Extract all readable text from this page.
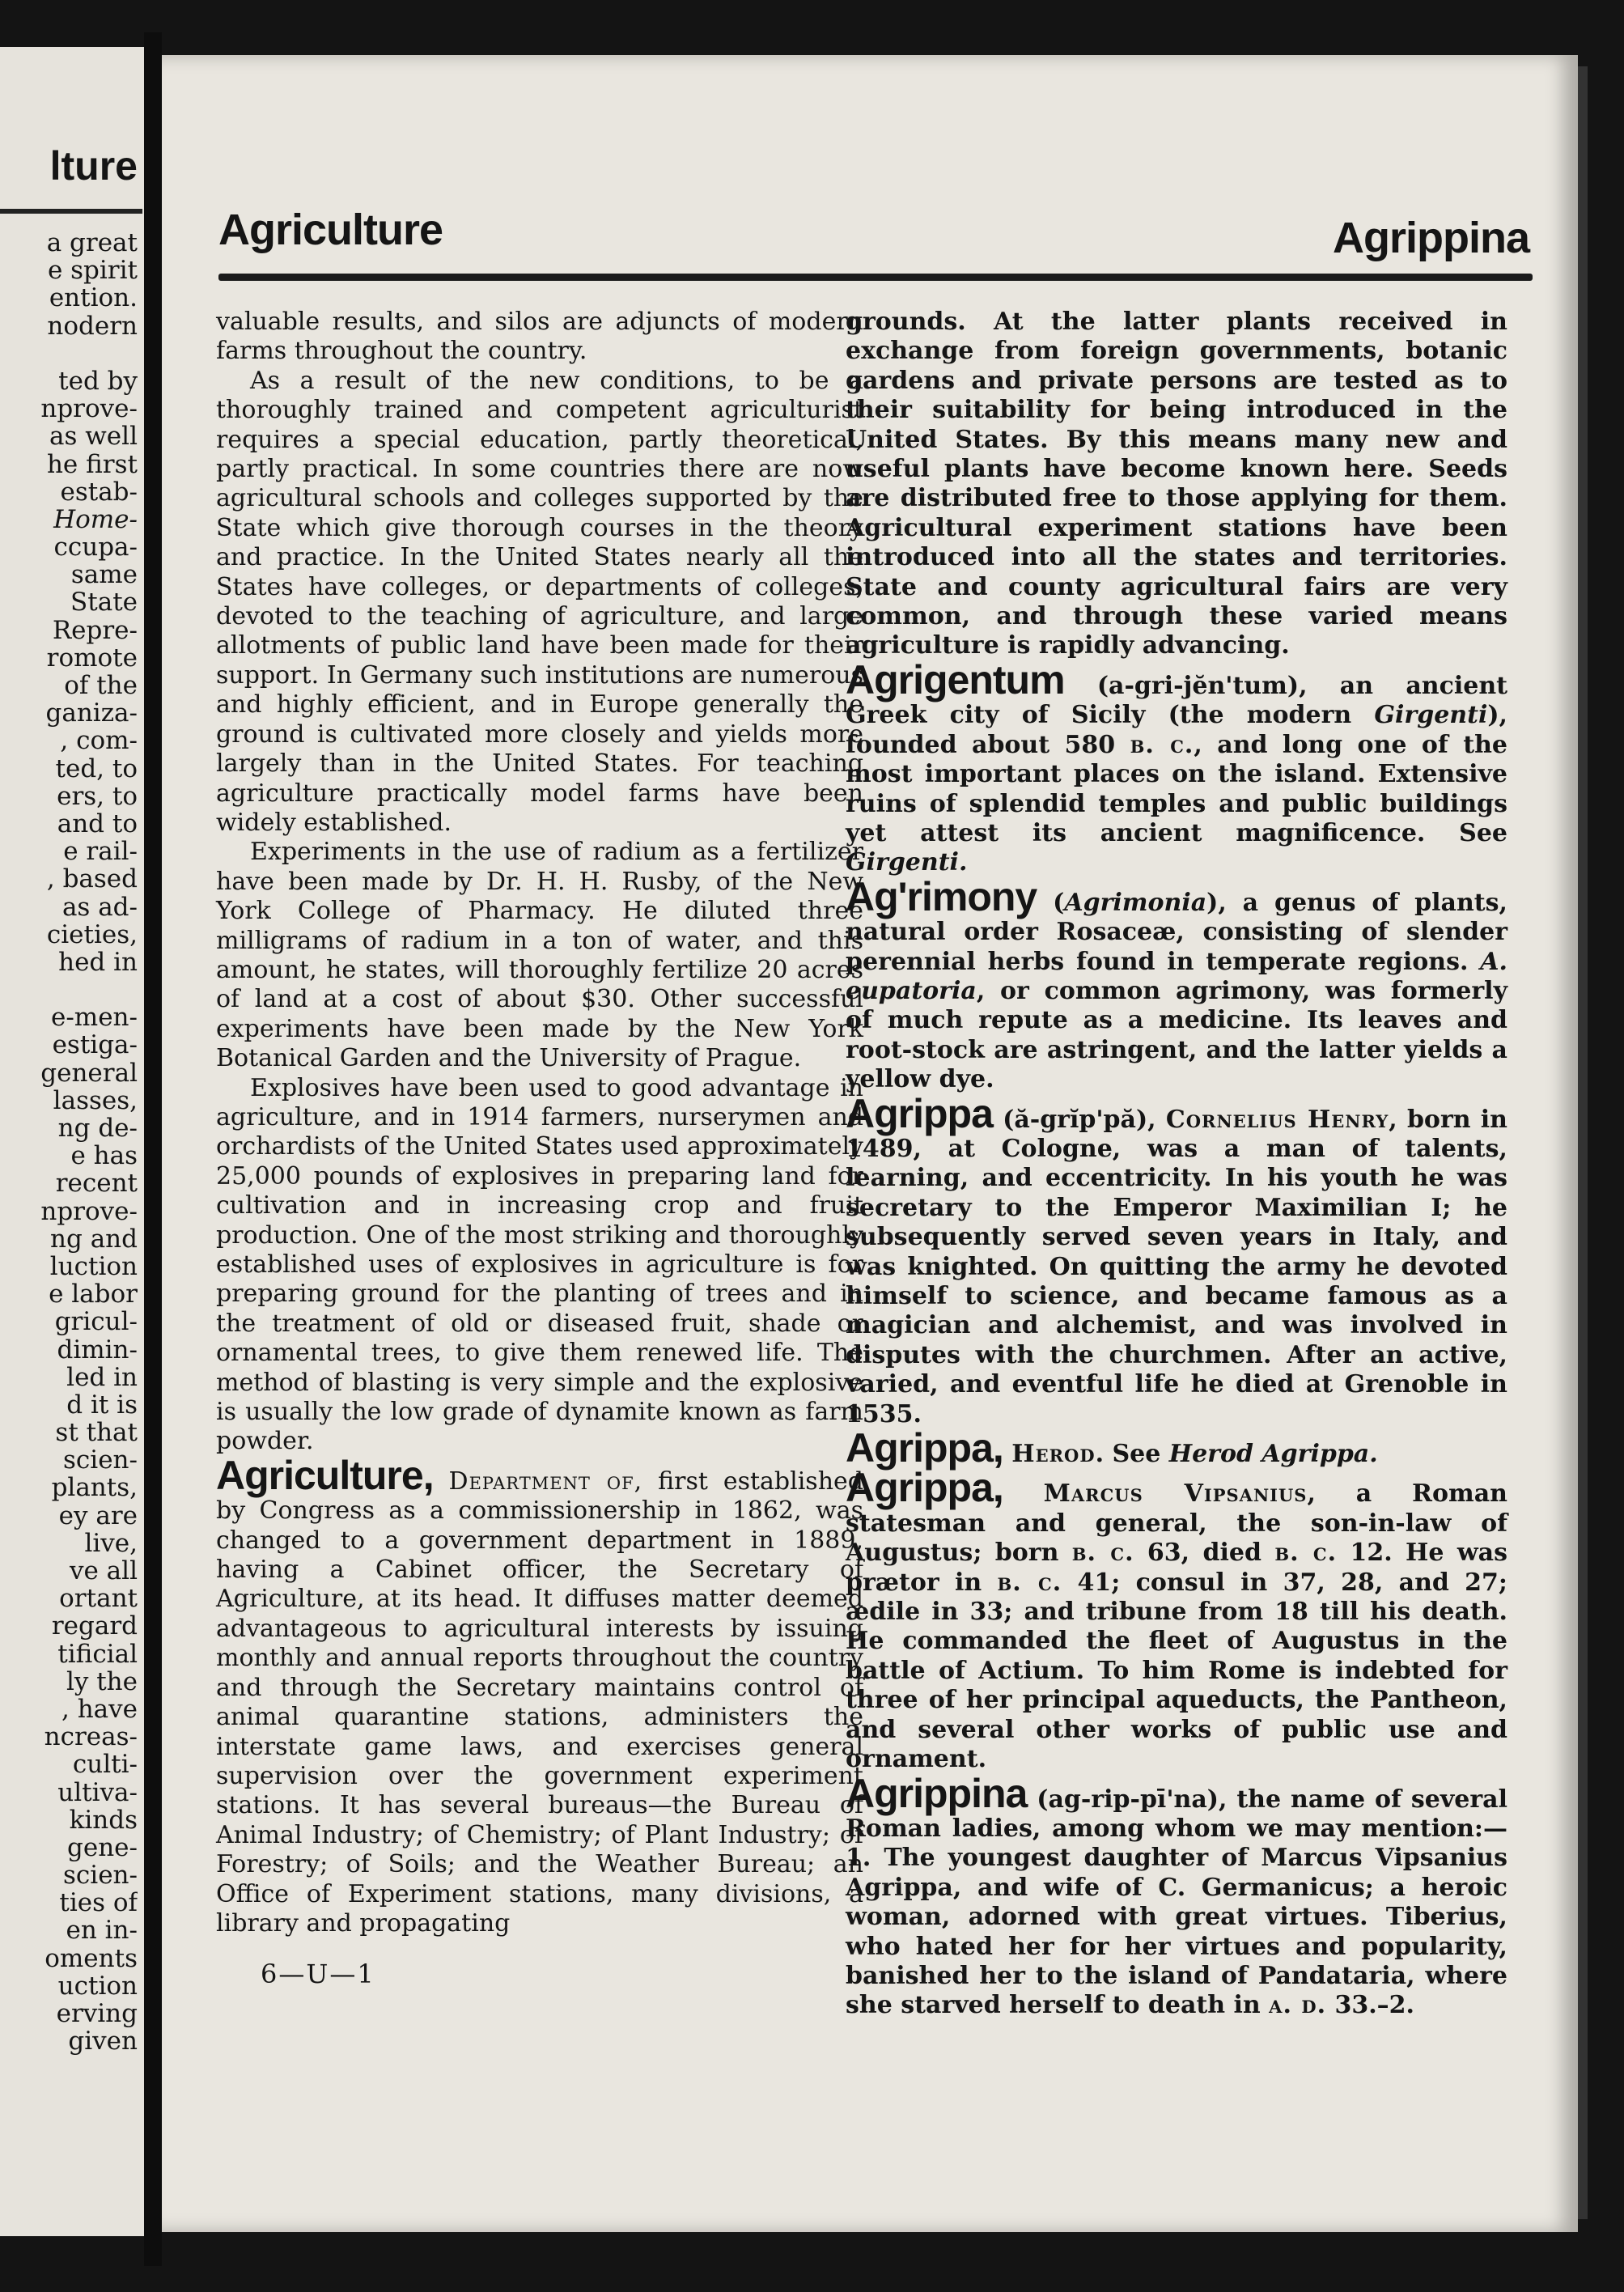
lture
a great
e spirit
ention.
nodern
ted by
nprove-
as well
he first
estab-
Home-
ccupa-
same
State
Repre-
romote
of the
ganiza-
, com-
ted, to
ers, to
and to
e rail-
, based
as ad-
cieties,
hed in
e-men-
estiga-
general
lasses,
ng de-
e has
recent
nprove-
ng and
luction
e labor
gricul-
dimin-
led in
d it is
st that
scien-
plants,
ey are
live,
ve all
ortant
regard
tificial
ly the
, have
ncreas-
culti-
ultiva-
kinds
gene-
scien-
ties of
en in-
oments
uction
erving
given
Agriculture	Agrippina

valuable results, and silos are adjuncts of modern farms throughout the country.

As a result of the new conditions, to be a thoroughly trained and competent agriculturist requires a special education, partly theoretical, partly practical. In some countries there are now agricultural schools and colleges supported by the State which give thorough courses in the theory and practice. In the United States nearly all the States have colleges, or departments of colleges, devoted to the teaching of agriculture, and large allotments of public land have been made for their support. In Germany such institutions are numerous and highly efficient, and in Europe generally the ground is cultivated more closely and yields more largely than in the United States. For teaching agriculture practically model farms have been widely established.

Experiments in the use of radium as a fertilizer have been made by Dr. H. H. Rusby, of the New York College of Pharmacy. He diluted three milligrams of radium in a ton of water, and this amount, he states, will thoroughly fertilize 20 acres of land at a cost of about $30. Other successful experiments have been made by the New York Botanical Garden and the University of Prague.

Explosives have been used to good advantage in agriculture, and in 1914 farmers, nurserymen and orchardists of the United States used approximately 25,000 pounds of explosives in preparing land for cultivation and in increasing crop and fruit production. One of the most striking and thoroughly established uses of explosives in agriculture is for preparing ground for the planting of trees and in the treatment of old or diseased fruit, shade or ornamental trees, to give them renewed life. The method of blasting is very simple and the explosive is usually the low grade of dynamite known as farm powder.

Agriculture, Department of, first established by Congress as a commissionership in 1862, was changed to a government department in 1889, having a Cabinet officer, the Secretary of Agriculture, at its head. It diffuses matter deemed advantageous to agricultural interests by issuing monthly and annual reports throughout the country and through the Secretary maintains control of animal quarantine stations, administers the interstate game laws, and exercises general supervision over the government experiment stations. It has several bureaus—the Bureau of Animal Industry; of Chemistry; of Plant Industry; of Forestry; of Soils; and the Weather Bureau; an Office of Experiment stations, many divisions, a library and propagating

6—U—1

grounds. At the latter plants received in exchange from foreign governments, botanic gardens and private persons are tested as to their suitability for being introduced in the United States. By this means many new and useful plants have become known here. Seeds are distributed free to those applying for them. Agricultural experiment stations have been introduced into all the states and territories. State and county agricultural fairs are very common, and through these varied means agriculture is rapidly advancing.

Agrigentum (a-gri-jĕn'tum), an ancient Greek city of Sicily (the modern Girgenti), founded about 580 b. c., and long one of the most important places on the island. Extensive ruins of splendid temples and public buildings yet attest its ancient magnificence. See Girgenti.

Ag'rimony (Agrimonia), a genus of plants, natural order Rosaceæ, consisting of slender perennial herbs found in temperate regions. A. eupatoria, or common agrimony, was formerly of much repute as a medicine. Its leaves and root-stock are astringent, and the latter yields a yellow dye.

Agrippa (ă-grĭp'pă), Cornelius Henry, born in 1489, at Cologne, was a man of talents, learning, and eccentricity. In his youth he was secretary to the Emperor Maximilian I; he subsequently served seven years in Italy, and was knighted. On quitting the army he devoted himself to science, and became famous as a magician and alchemist, and was involved in disputes with the churchmen. After an active, varied, and eventful life he died at Grenoble in 1535.

Agrippa, Herod. See Herod Agrippa.

Agrippa, Marcus Vipsanius, a Roman statesman and general, the son-in-law of Augustus; born b. c. 63, died b. c. 12. He was prætor in b. c. 41; consul in 37, 28, and 27; ædile in 33; and tribune from 18 till his death. He commanded the fleet of Augustus in the battle of Actium. To him Rome is indebted for three of her principal aqueducts, the Pantheon, and several other works of public use and ornament.

Agrippina (ag-rip-pī'na), the name of several Roman ladies, among whom we may mention:—1. The youngest daughter of Marcus Vipsanius Agrippa, and wife of C. Germanicus; a heroic woman, adorned with great virtues. Tiberius, who hated her for her virtues and popularity, banished her to the island of Pandataria, where she starved herself to death in a. d. 33.–2.
